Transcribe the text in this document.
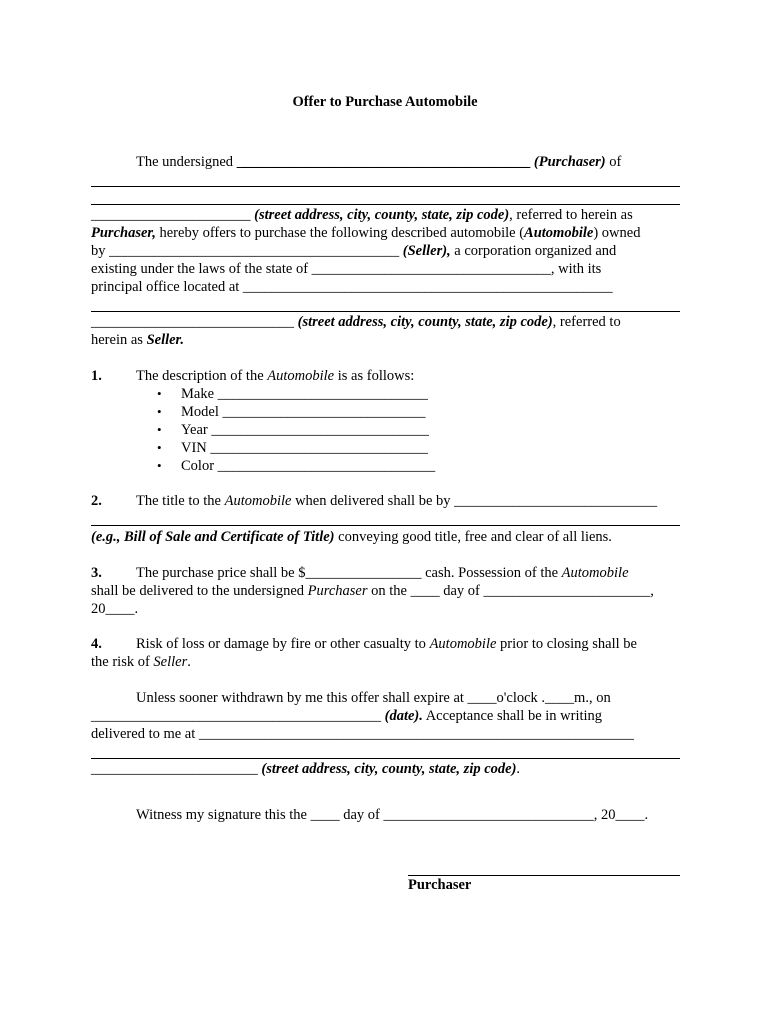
Offer to Purchase Automobile
The undersigned ________________________________________ (Purchaser) of
______________________ (street address, city, county, state, zip code), referred to herein as
Purchaser, hereby offers to purchase the following described automobile (Automobile) owned
by ________________________________________ (Seller), a corporation organized and
existing under the laws of the state of _________________________________, with its
principal office located at ___________________________________________________
____________________________ (street address, city, county, state, zip code), referred to
herein as Seller.
1. The description of the Automobile is as follows:
• Make _____________________________
• Model ____________________________
• Year ______________________________
• VIN ______________________________
• Color ______________________________
2. The title to the Automobile when delivered shall be by ____________________________
(e.g., Bill of Sale and Certificate of Title) conveying good title, free and clear of all liens.
3. The purchase price shall be $________________ cash. Possession of the Automobile
shall be delivered to the undersigned Purchaser on the ____ day of _______________________,
20____.
4. Risk of loss or damage by fire or other casualty to Automobile prior to closing shall be
the risk of Seller.
Unless sooner withdrawn by me this offer shall expire at ____o'clock .____m., on
________________________________________ (date). Acceptance shall be in writing
delivered to me at ____________________________________________________________
_______________________ (street address, city, county, state, zip code).
Witness my signature this the ____ day of _____________________________, 20____.
Purchaser
